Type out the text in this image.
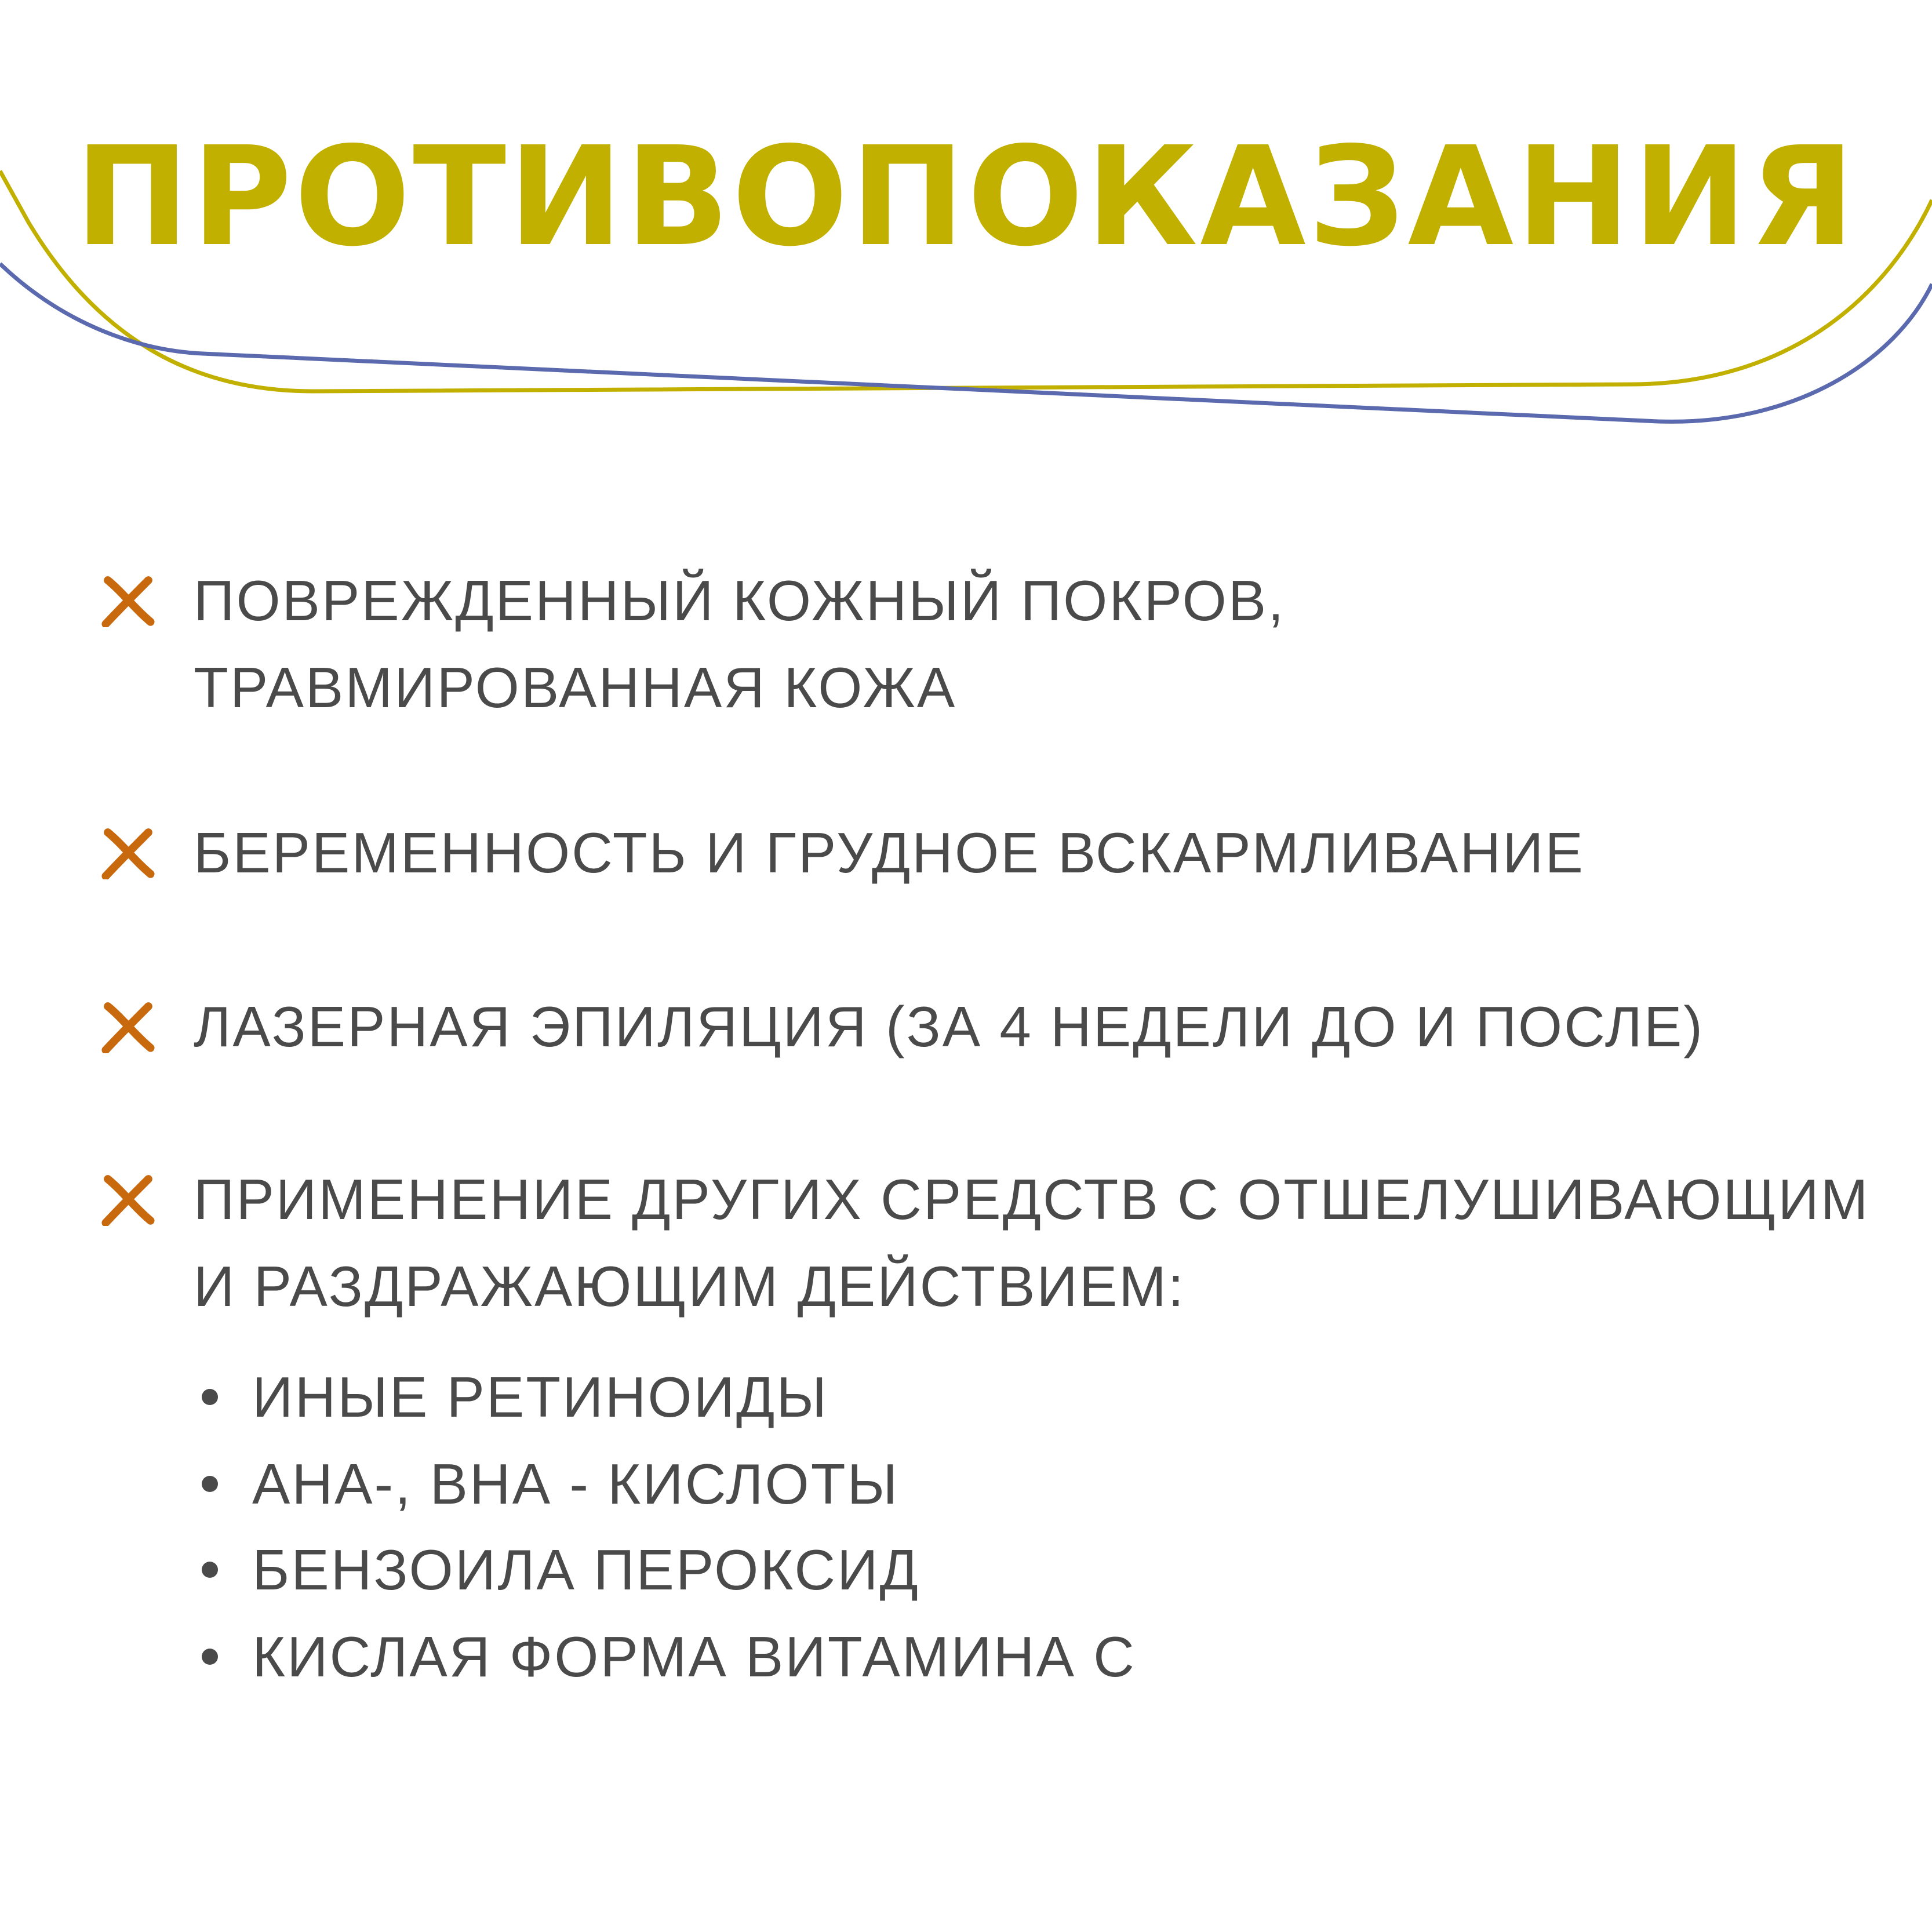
ПРОТИВОПОКАЗАНИЯ
ПОВРЕЖДЕННЫЙ КОЖНЫЙ ПОКРОВ,
ТРАВМИРОВАННАЯ КОЖА
БЕРЕМЕННОСТЬ И ГРУДНОЕ ВСКАРМЛИВАНИЕ
ЛАЗЕРНАЯ ЭПИЛЯЦИЯ (ЗА 4 НЕДЕЛИ ДО И ПОСЛЕ)
ПРИМЕНЕНИЕ ДРУГИХ СРЕДСТВ С ОТШЕЛУШИВАЮЩИМ
И РАЗДРАЖАЮЩИМ ДЕЙСТВИЕМ:
ИНЫЕ РЕТИНОИДЫ
АНА-, ВНА - КИСЛОТЫ
БЕНЗОИЛА ПЕРОКСИД
КИСЛАЯ ФОРМА ВИТАМИНА С
